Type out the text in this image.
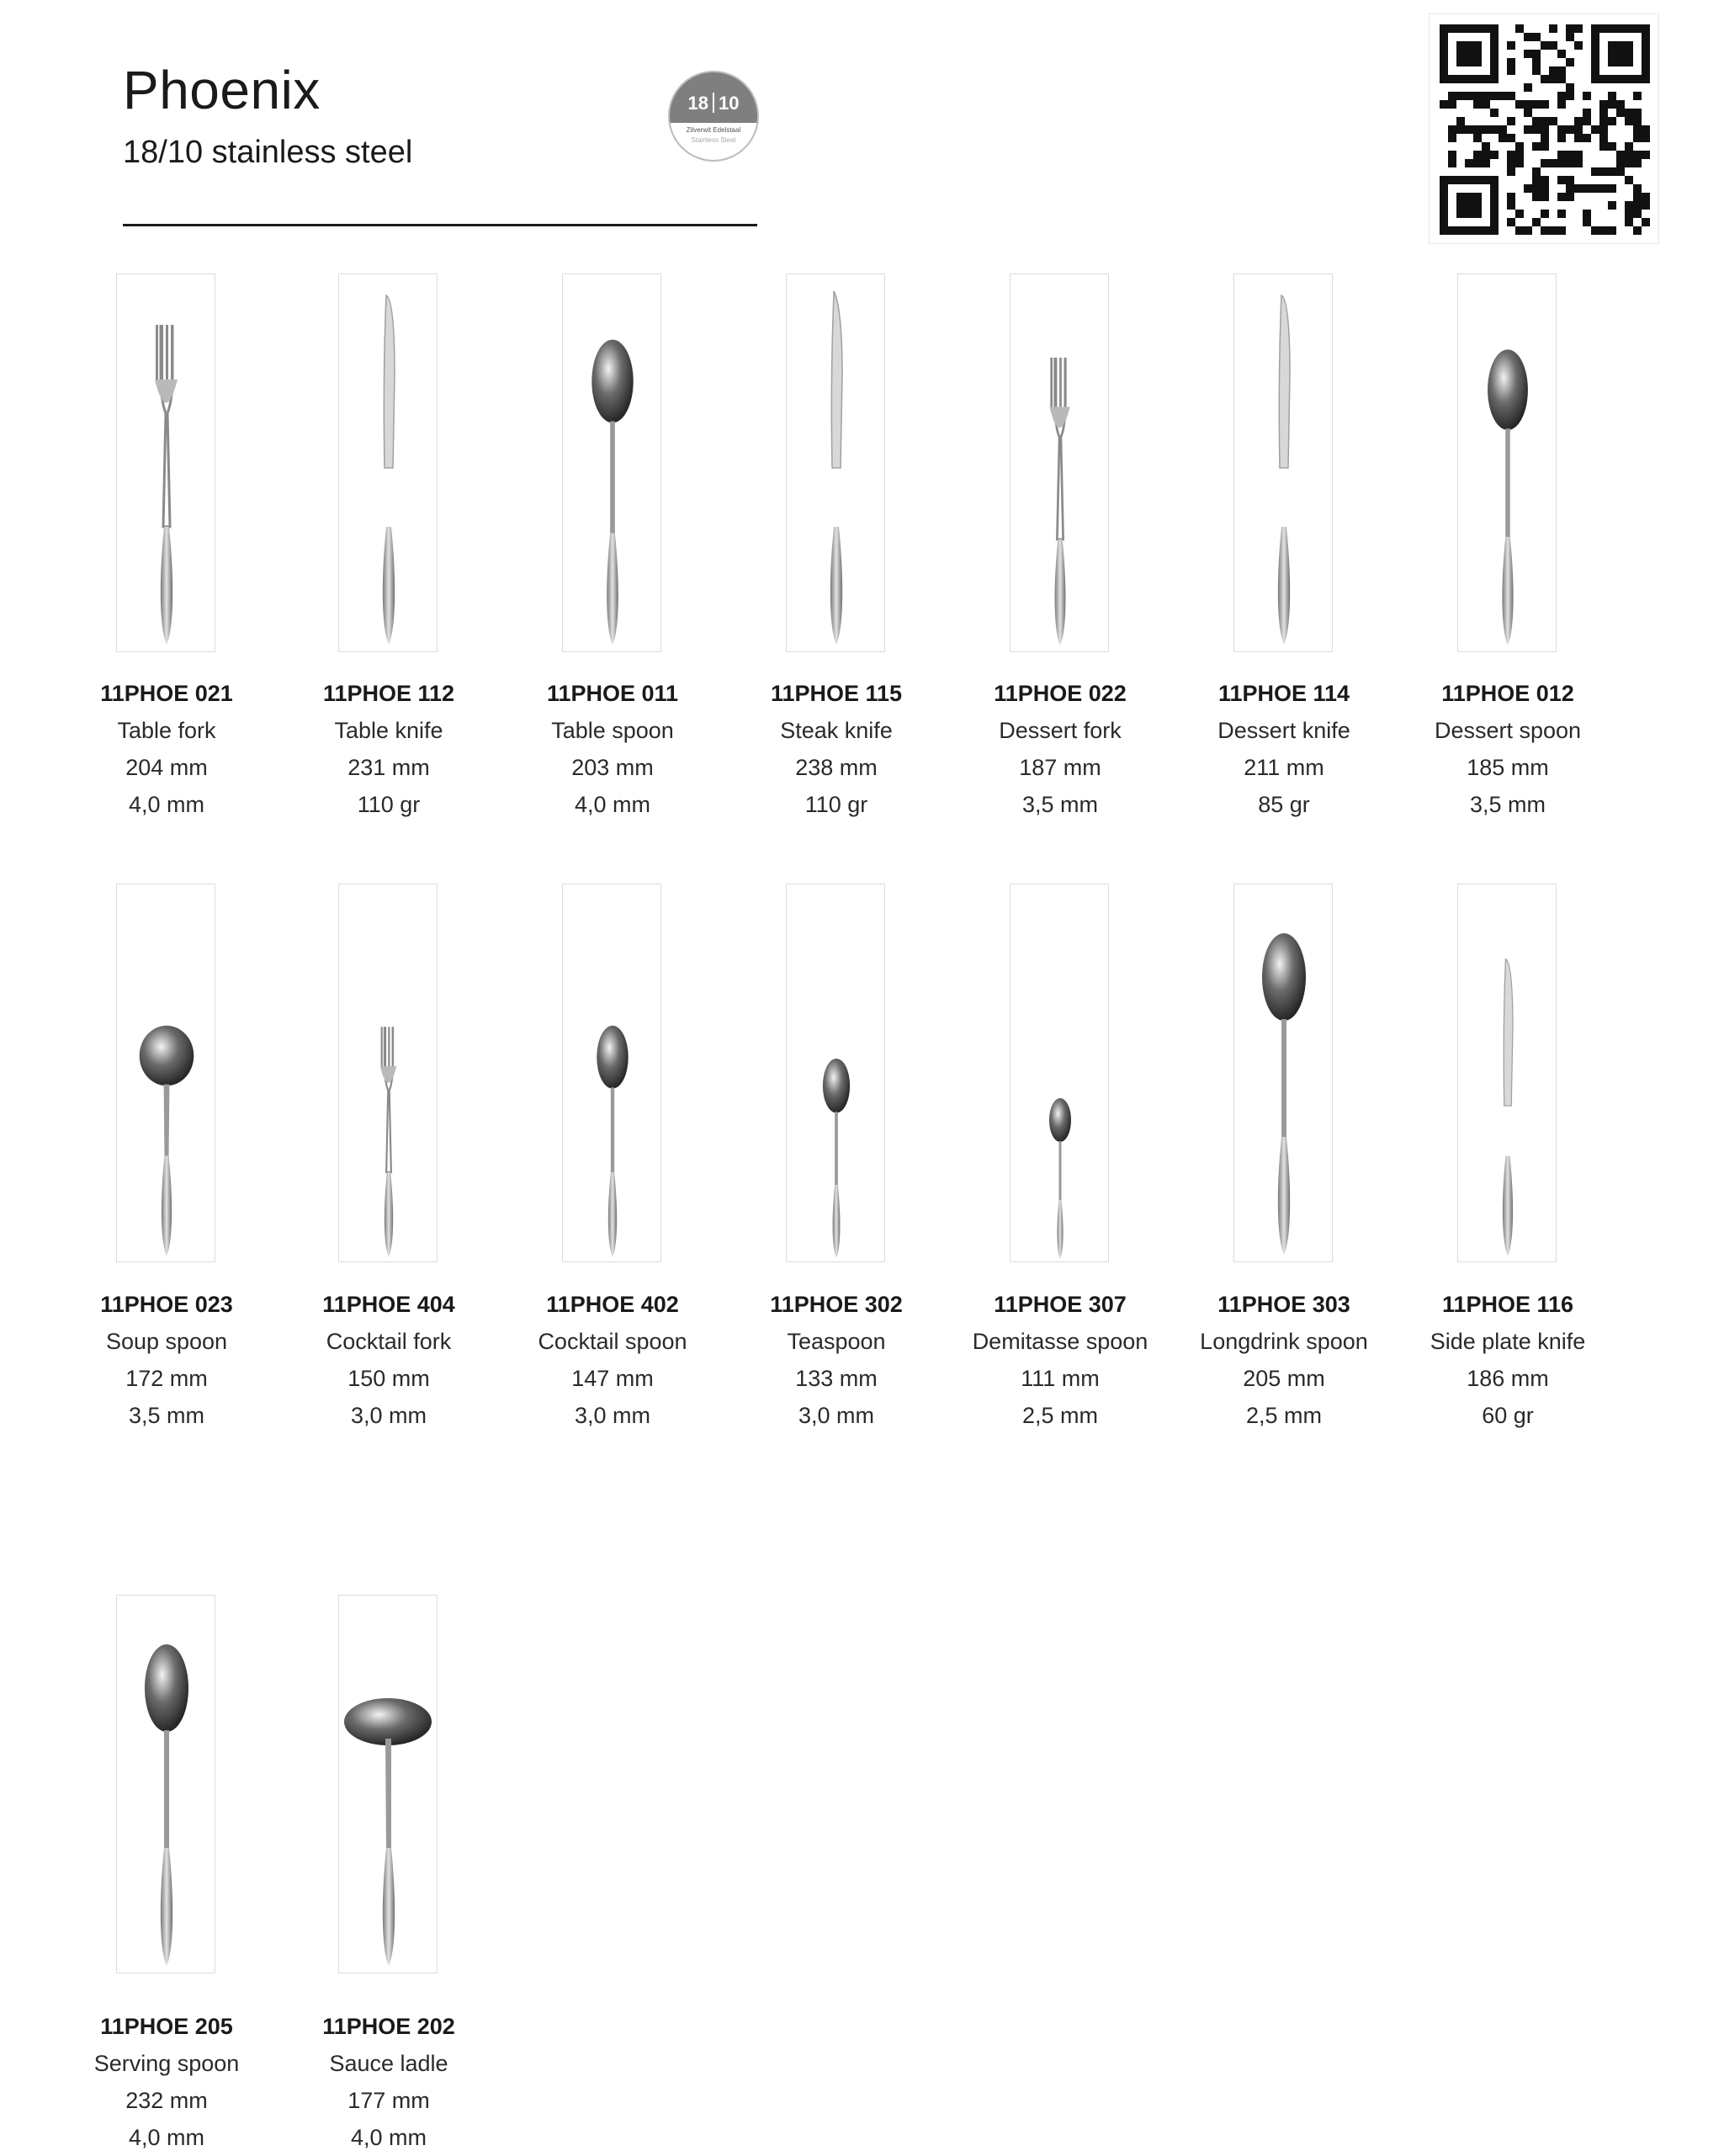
Phoenix
18/10 stainless steel
18 10
Zilverwit Edelstaal
Stainless Steel
11PHOE 021
Table fork
204 mm
4,0 mm
11PHOE 112
Table knife
231 mm
110 gr
11PHOE 011
Table spoon
203 mm
4,0 mm
11PHOE 115
Steak knife
238 mm
110 gr
11PHOE 022
Dessert fork
187 mm
3,5 mm
11PHOE 114
Dessert knife
211 mm
85 gr
11PHOE 012
Dessert spoon
185 mm
3,5 mm
11PHOE 023
Soup spoon
172 mm
3,5 mm
11PHOE 404
Cocktail fork
150 mm
3,0 mm
11PHOE 402
Cocktail spoon
147 mm
3,0 mm
11PHOE 302
Teaspoon
133 mm
3,0 mm
11PHOE 307
Demitasse spoon
111 mm
2,5 mm
11PHOE 303
Longdrink spoon
205 mm
2,5 mm
11PHOE 116
Side plate knife
186 mm
60 gr
11PHOE 205
Serving spoon
232 mm
4,0 mm
11PHOE 202
Sauce ladle
177 mm
4,0 mm
